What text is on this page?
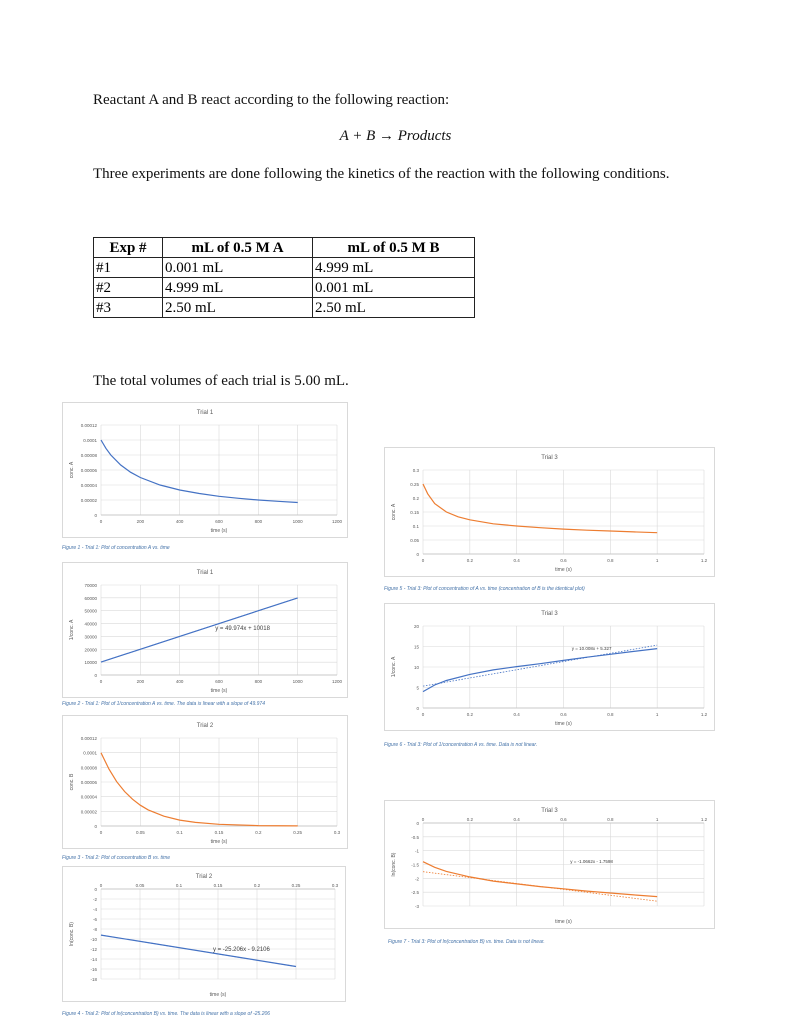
Reactant A and B react according to the following reaction:
A + B → Products
Three experiments are done following the kinetics of the reaction with the following conditions.
Exp #	mL of 0.5 M A	mL of 0.5 M B
#1	0.001 mL	4.999 mL
#2	4.999 mL	0.001 mL
#3	2.50 mL	2.50 mL
The total volumes of each trial is 5.00 mL.
Trial 1
0
0.00002
0.00004
0.00006
0.00008
0.0001
0.00012
0	200	400	600	800	1000	1200
time (s)
conc. A
Figure 1 - Trial 1: Plot of concentration A vs. time
Trial 1
0
10000
20000
30000
40000
50000
60000
70000
0	200	400	600	800	1000	1200
time (s)
1/conc. A	y = 49.974x + 10018
Figure 2 - Trial 1: Plot of 1/concentration A vs. time. The data is linear with a slope of 49.974
Trial 2
0
0.00002
0.00004
0.00006
0.00008
0.0001
0.00012
0	0.05	0.1	0.15	0.2	0.25	0.3
time (s)
conc. B
Figure 3 - Trial 2: Plot of concentration B vs. time
Trial 2
0
-2
-4
-6
-8
-10
-12
-14
-16
-18
0	0.05	0.1	0.15	0.2	0.25	0.3
time (s)
ln(conc. B)
y = -25.206x - 9.2106
Figure 4 - Trial 2: Plot of ln(concentration B) vs. time. The data is linear with a slope of -25.206
Trial 3
0
0.05
0.1
0.15
0.2
0.25
0.3
0	0.2	0.4	0.6	0.8	1	1.2
time (s)
conc. A
Figure 5 - Trial 3: Plot of concentration of A vs. time (concentration of B is the identical plot)
Trial 3
0
5
10
15
20
0	0.2	0.4	0.6	0.8	1	1.2
time (s)
1/conc. A
y = 10.008x + 5.327
Figure 6 - Trial 3: Plot of 1/concentration A vs. time. Data is not linear.
Trial 3
0
-0.5
-1
-1.5
-2
-2.5
-3
0	0.2	0.4	0.6	0.8	1	1.2
time (s)
ln(conc. B)	y = -1.0662x - 1.7598
Figure 7 - Trial 3: Plot of ln(concentration B) vs. time. Data is not linear.
